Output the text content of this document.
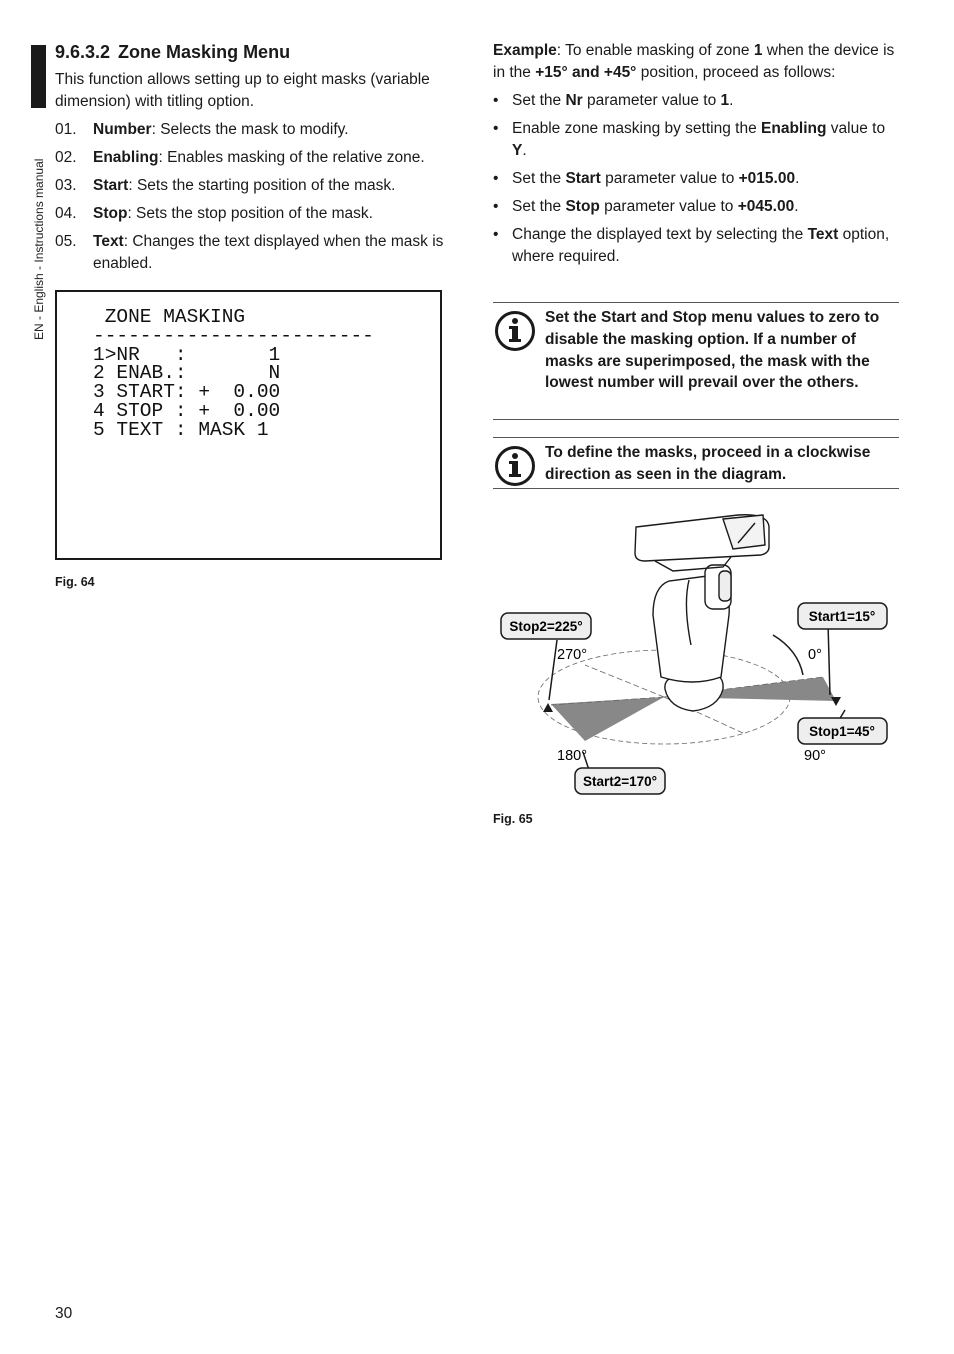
EN - English - Instructions manual
9.6.3.2 Zone Masking Menu

This function allows setting up to eight masks (variable dimension) with titling option.

01.	Number: Selects the mask to modify.
02.	Enabling: Enables masking of the relative zone.
03.	Start: Sets the starting position of the mask.
04.	Stop: Sets the stop position of the mask.
05.	Text: Changes the text displayed when the mask is enabled.
ZONE MASKING
------------------------
1>NR   :       1
2 ENAB.:       N
3 START: +  0.00
4 STOP : +  0.00
5 TEXT : MASK 1
Fig. 64

Example: To enable masking of zone 1 when the device is in the +15° and +45° position, proceed as follows:

• Set the Nr parameter value to 1.
• Enable zone masking by setting the Enabling value to Y.
• Set the Start parameter value to +015.00.
• Set the Stop parameter value to +045.00.
• Change the displayed text by selecting the Text option, where required.
Set the Start and Stop menu values to zero to disable the masking option. If a number of masks are superimposed, the mask with the lowest number will prevail over the others.
To define the masks, proceed in a clockwise direction as seen in the diagram.
Stop2=225°
Start1=15°
Stop1=45°
Start2=170°
270°	0°
180°	90°
Fig. 65
30
